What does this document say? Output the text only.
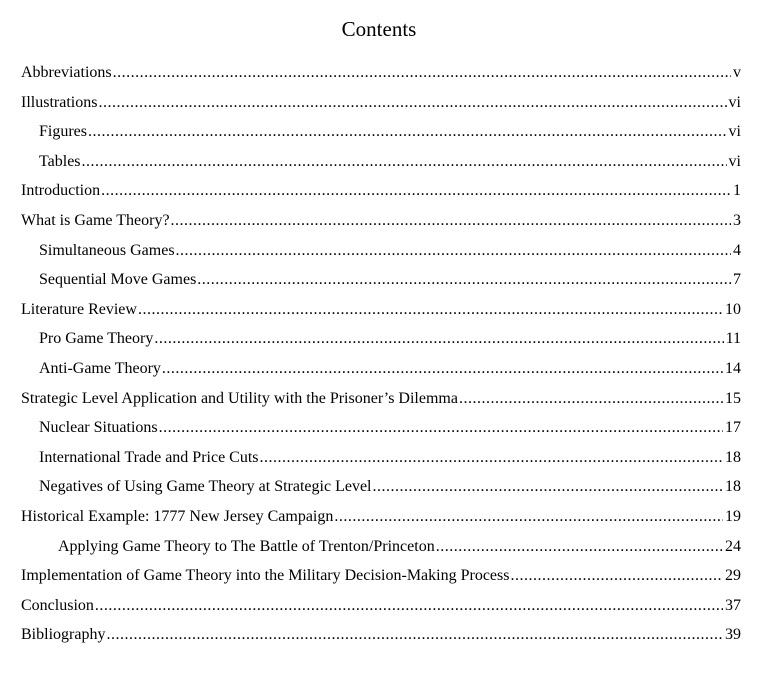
Contents
Abbreviations .....	v
Illustrations .....	vi
Figures .....	vi
Tables .....	vi
Introduction .....	1
What is Game Theory? .....	3
Simultaneous Games .....	4
Sequential Move Games .....	7
Literature Review .....	10
Pro Game Theory .....	11
Anti-Game Theory .....	14
Strategic Level Application and Utility with the Prisoner’s Dilemma .....	15
Nuclear Situations .....	17
International Trade and Price Cuts .....	18
Negatives of Using Game Theory at Strategic Level .....	18
Historical Example: 1777 New Jersey Campaign .....	19
Applying Game Theory to The Battle of Trenton/Princeton .....	24
Implementation of Game Theory into the Military Decision-Making Process .....	29
Conclusion .....	37
Bibliography .....	39
